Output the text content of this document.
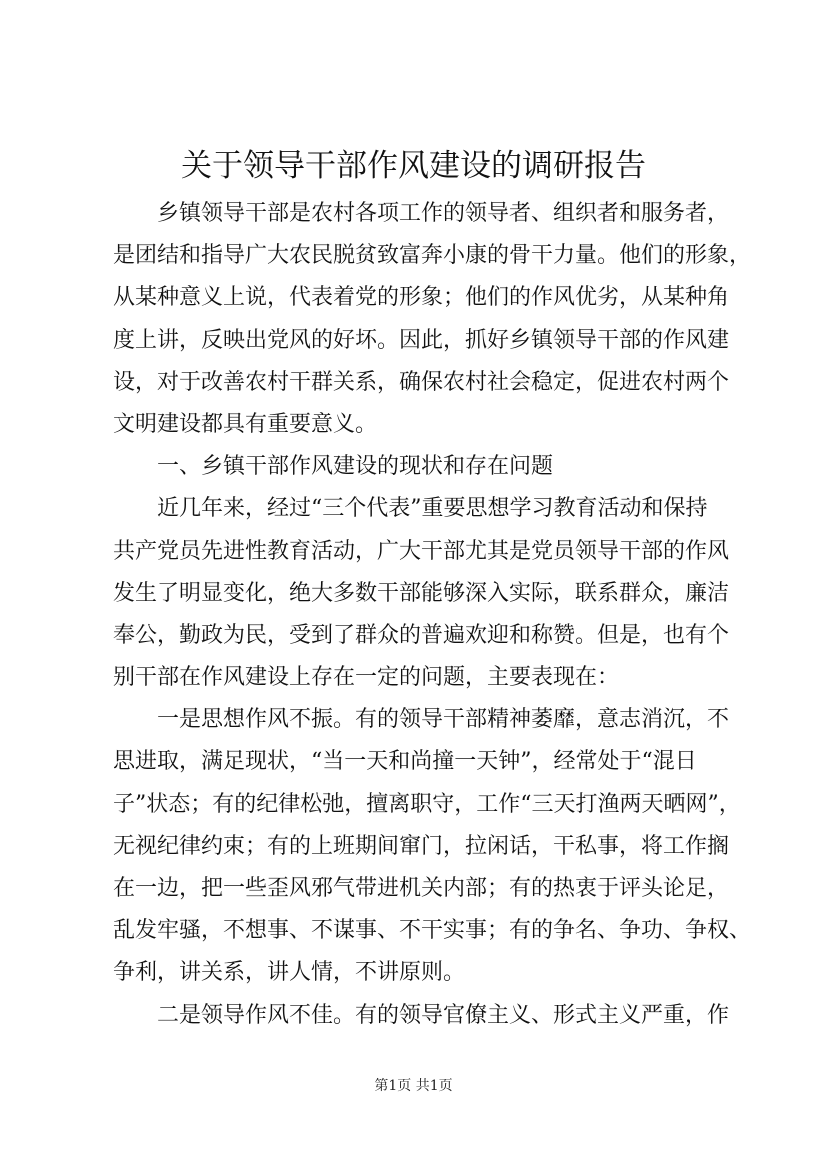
关于领导干部作风建设的调研报告
乡镇领导干部是农村各项工作的领导者、组织者和服务者，
是团结和指导广大农民脱贫致富奔小康的骨干力量。他们的形象，
从某种意义上说，代表着党的形象；他们的作风优劣，从某种角
度上讲，反映出党风的好坏。因此，抓好乡镇领导干部的作风建
设，对于改善农村干群关系，确保农村社会稳定，促进农村两个
文明建设都具有重要意义。
一、乡镇干部作风建设的现状和存在问题
近几年来，经过“三个代表”重要思想学习教育活动和保持
共产党员先进性教育活动，广大干部尤其是党员领导干部的作风
发生了明显变化，绝大多数干部能够深入实际，联系群众，廉洁
奉公，勤政为民，受到了群众的普遍欢迎和称赞。但是，也有个
别干部在作风建设上存在一定的问题，主要表现在：
一是思想作风不振。有的领导干部精神萎靡，意志消沉，不
思进取，满足现状，“当一天和尚撞一天钟”，经常处于“混日
子”状态；有的纪律松弛，擅离职守，工作“三天打渔两天晒网”，
无视纪律约束；有的上班期间窜门，拉闲话，干私事，将工作搁
在一边，把一些歪风邪气带进机关内部；有的热衷于评头论足，
乱发牢骚，不想事、不谋事、不干实事；有的争名、争功、争权、
争利，讲关系，讲人情，不讲原则。
二是领导作风不佳。有的领导官僚主义、形式主义严重，作
第1页 共1页
